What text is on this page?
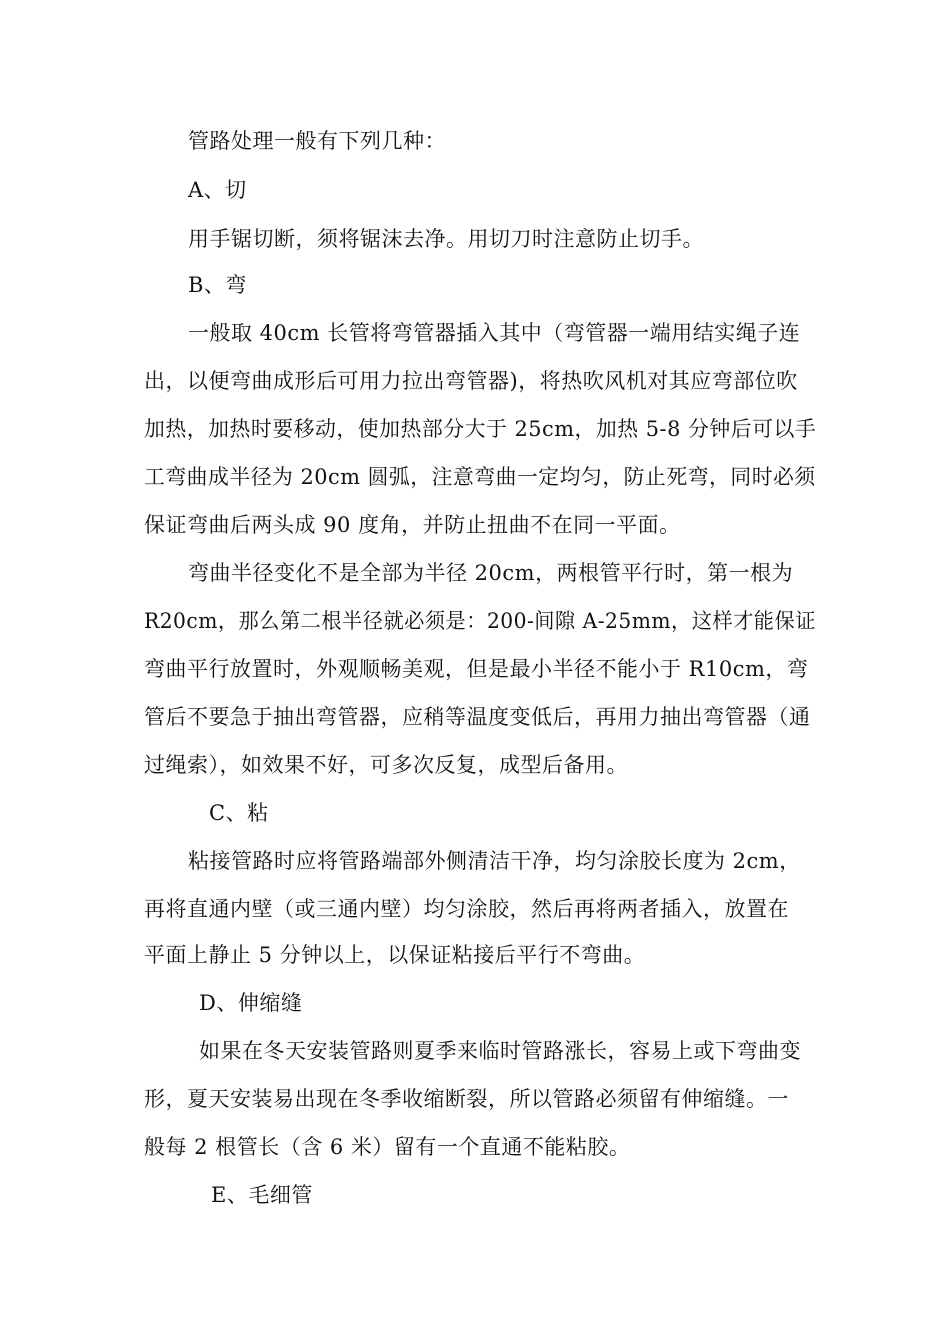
管路处理一般有下列几种：
A、切
用手锯切断，须将锯沫去净。用切刀时注意防止切手。
B、弯
一般取 40cm 长管将弯管器插入其中（弯管器一端用结实绳子连
出，以便弯曲成形后可用力拉出弯管器)，将热吹风机对其应弯部位吹
加热，加热时要移动，使加热部分大于 25cm，加热 5-8 分钟后可以手
工弯曲成半径为 20cm 圆弧，注意弯曲一定均匀，防止死弯，同时必须
保证弯曲后两头成 90 度角，并防止扭曲不在同一平面。
弯曲半径变化不是全部为半径 20cm，两根管平行时，第一根为
R20cm，那么第二根半径就必须是：200-间隙 A-25mm，这样才能保证
弯曲平行放置时，外观顺畅美观，但是最小半径不能小于 R10cm，弯
管后不要急于抽出弯管器，应稍等温度变低后，再用力抽出弯管器（通
过绳索），如效果不好，可多次反复，成型后备用。
C、粘
粘接管路时应将管路端部外侧清洁干净，均匀涂胶长度为 2cm，
再将直通内壁（或三通内壁）均匀涂胶，然后再将两者插入，放置在
平面上静止 5 分钟以上，以保证粘接后平行不弯曲。
D、伸缩缝
如果在冬天安装管路则夏季来临时管路涨长，容易上或下弯曲变
形，夏天安装易出现在冬季收缩断裂，所以管路必须留有伸缩缝。一
般每 2 根管长（含 6 米）留有一个直通不能粘胶。
E、毛细管
